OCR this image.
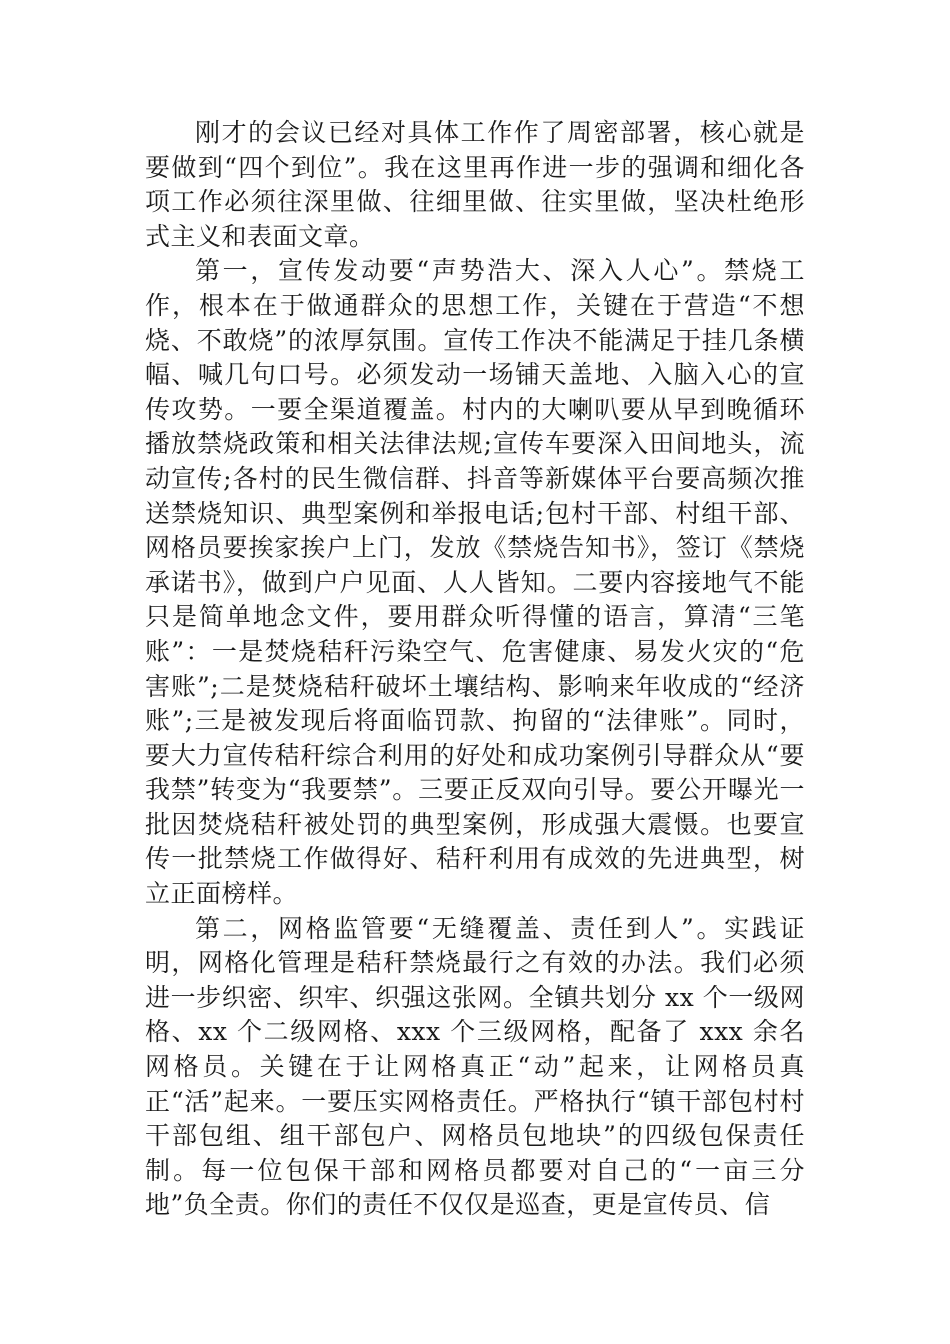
刚才的会议已经对具体工作作了周密部署，核心就是要做到“四个到位”。我在这里再作进一步的强调和细化各项工作必须往深里做、往细里做、往实里做，坚决杜绝形式主义和表面文章。

第一，宣传发动要“声势浩大、深入人心”。禁烧工作，根本在于做通群众的思想工作，关键在于营造“不想烧、不敢烧”的浓厚氛围。宣传工作决不能满足于挂几条横幅、喊几句口号。必须发动一场铺天盖地、入脑入心的宣传攻势。一要全渠道覆盖。村内的大喇叭要从早到晚循环播放禁烧政策和相关法律法规;宣传车要深入田间地头，流动宣传;各村的民生微信群、抖音等新媒体平台要高频次推送禁烧知识、典型案例和举报电话;包村干部、村组干部、网格员要挨家挨户上门，发放《禁烧告知书》，签订《禁烧承诺书》，做到户户见面、人人皆知。二要内容接地气不能只是简单地念文件，要用群众听得懂的语言，算清“三笔账”：一是焚烧秸秆污染空气、危害健康、易发火灾的“危害账”;二是焚烧秸秆破坏土壤结构、影响来年收成的“经济账”;三是被发现后将面临罚款、拘留的“法律账”。同时，要大力宣传秸秆综合利用的好处和成功案例引导群众从“要我禁”转变为“我要禁”。三要正反双向引导。要公开曝光一批因焚烧秸秆被处罚的典型案例，形成强大震慑。也要宣传一批禁烧工作做得好、秸秆利用有成效的先进典型，树立正面榜样。

第二，网格监管要“无缝覆盖、责任到人”。实践证明，网格化管理是秸秆禁烧最行之有效的办法。我们必须进一步织密、织牢、织强这张网。全镇共划分 xx 个一级网格、xx 个二级网格、xxx 个三级网格，配备了 xxx 余名网格员。关键在于让网格真正“动”起来，让网格员真正“活”起来。一要压实网格责任。严格执行“镇干部包村村干部包组、组干部包户、网格员包地块”的四级包保责任制。每一位包保干部和网格员都要对自己的“一亩三分地”负全责。你们的责任不仅仅是巡查，更是宣传员、信
